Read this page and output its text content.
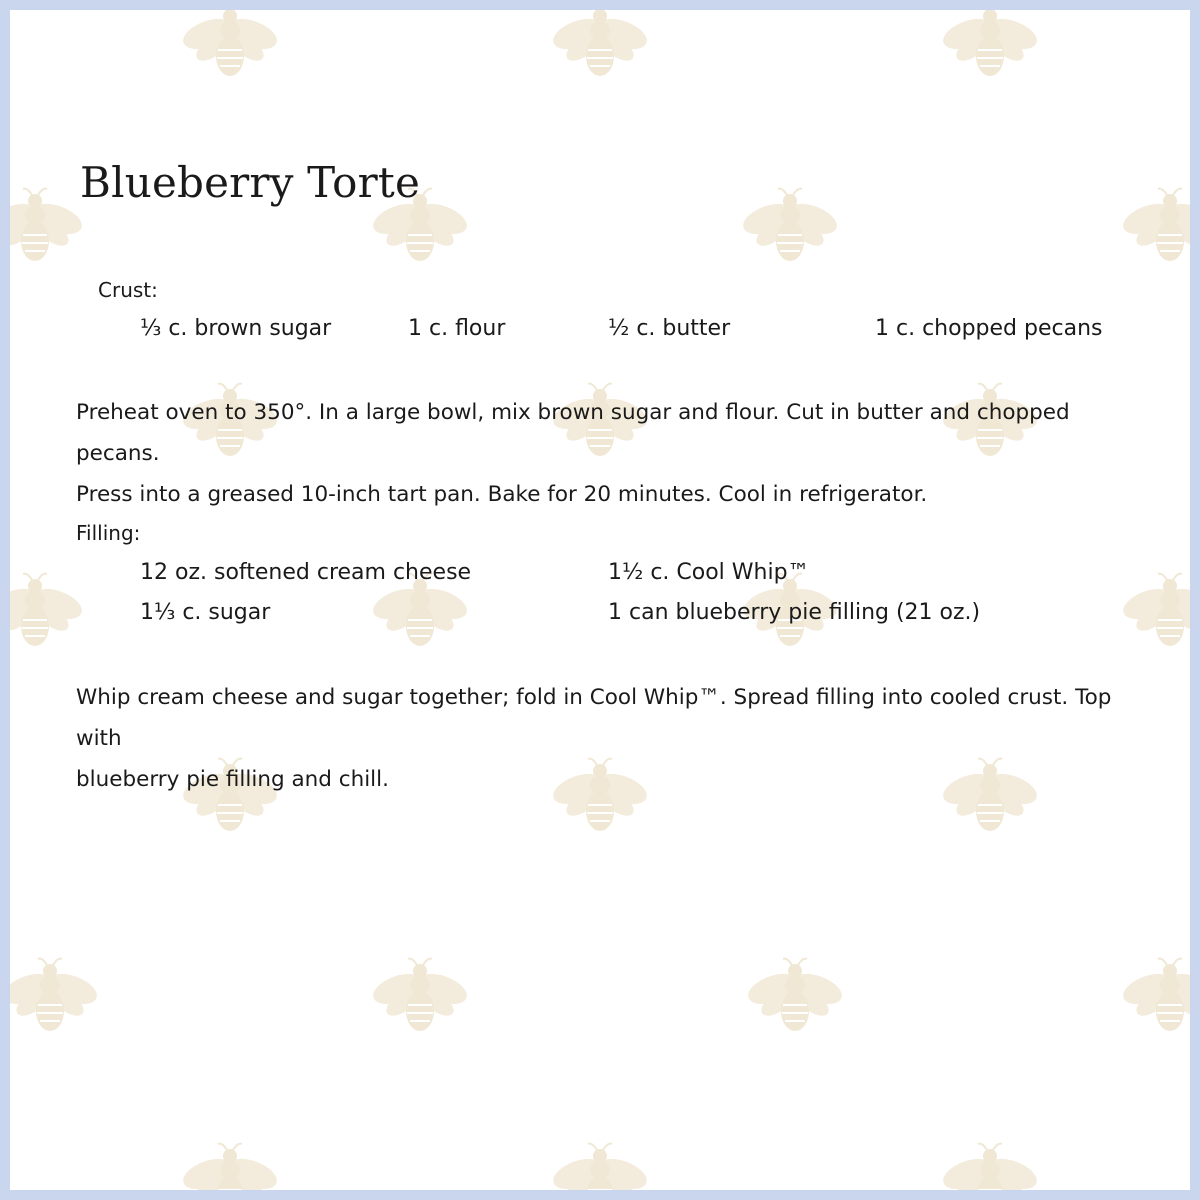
Blueberry Torte
Crust:
⅓ c. brown sugar	1 c. flour	½ c. butter	1 c. chopped pecans
Preheat oven to 350°. In a large bowl, mix brown sugar and flour. Cut in butter and chopped pecans.
Press into a greased 10-inch tart pan. Bake for 20 minutes. Cool in refrigerator.
Filling:
12 oz. softened cream cheese	1½ c. Cool Whip™
1⅓ c. sugar	1 can blueberry pie filling (21 oz.)
Whip cream cheese and sugar together; fold in Cool Whip™. Spread filling into cooled crust. Top with
blueberry pie filling and chill.
